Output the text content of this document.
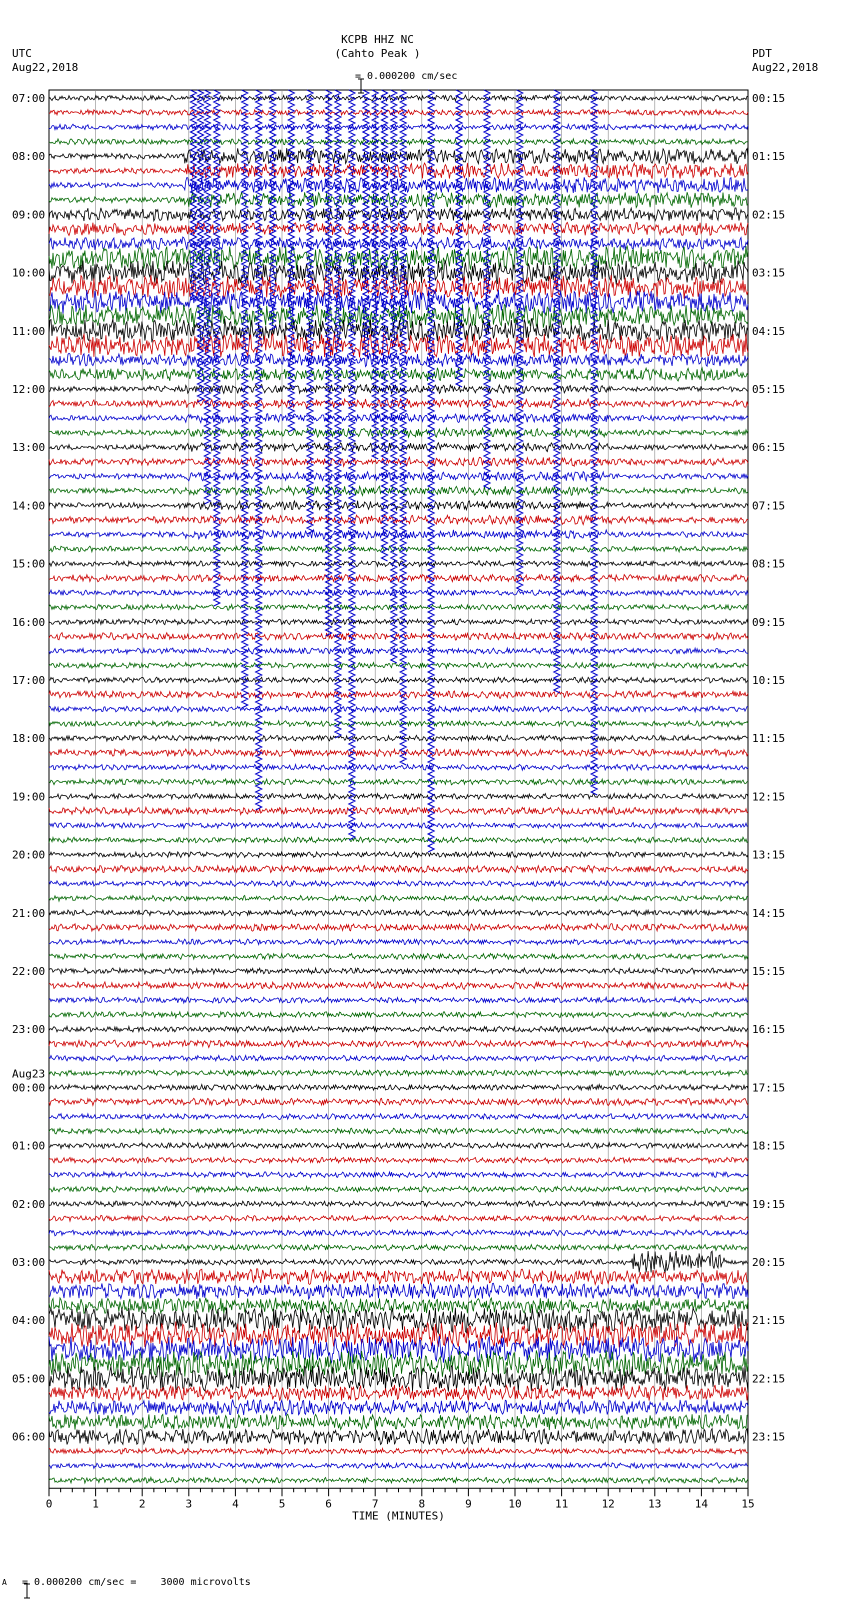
KCPB HHZ NC
(Cahto Peak )

= 0.000200 cm/sec
UTC
Aug22,2018
PDT
Aug22,2018
07:00
08:00
09:00
10:00
11:00
12:00
13:00
14:00
15:00
16:00
17:00
18:00
19:00
20:00
21:00
22:00
23:00
00:00
01:00
02:00
03:00
04:00
05:00
06:00
Aug23
00:15
01:15
02:15
03:15
04:15
05:15
06:15
07:15
08:15
09:15
10:15
11:15
12:15
13:15
14:15
15:15
16:15
17:15
18:15
19:15
20:15
21:15
22:15
23:15
0	1	2	3	4	5	6	7	8	9	10	11	12	13	14	15
TIME (MINUTES)
A

= 0.000200 cm/sec =    3000 microvolts
